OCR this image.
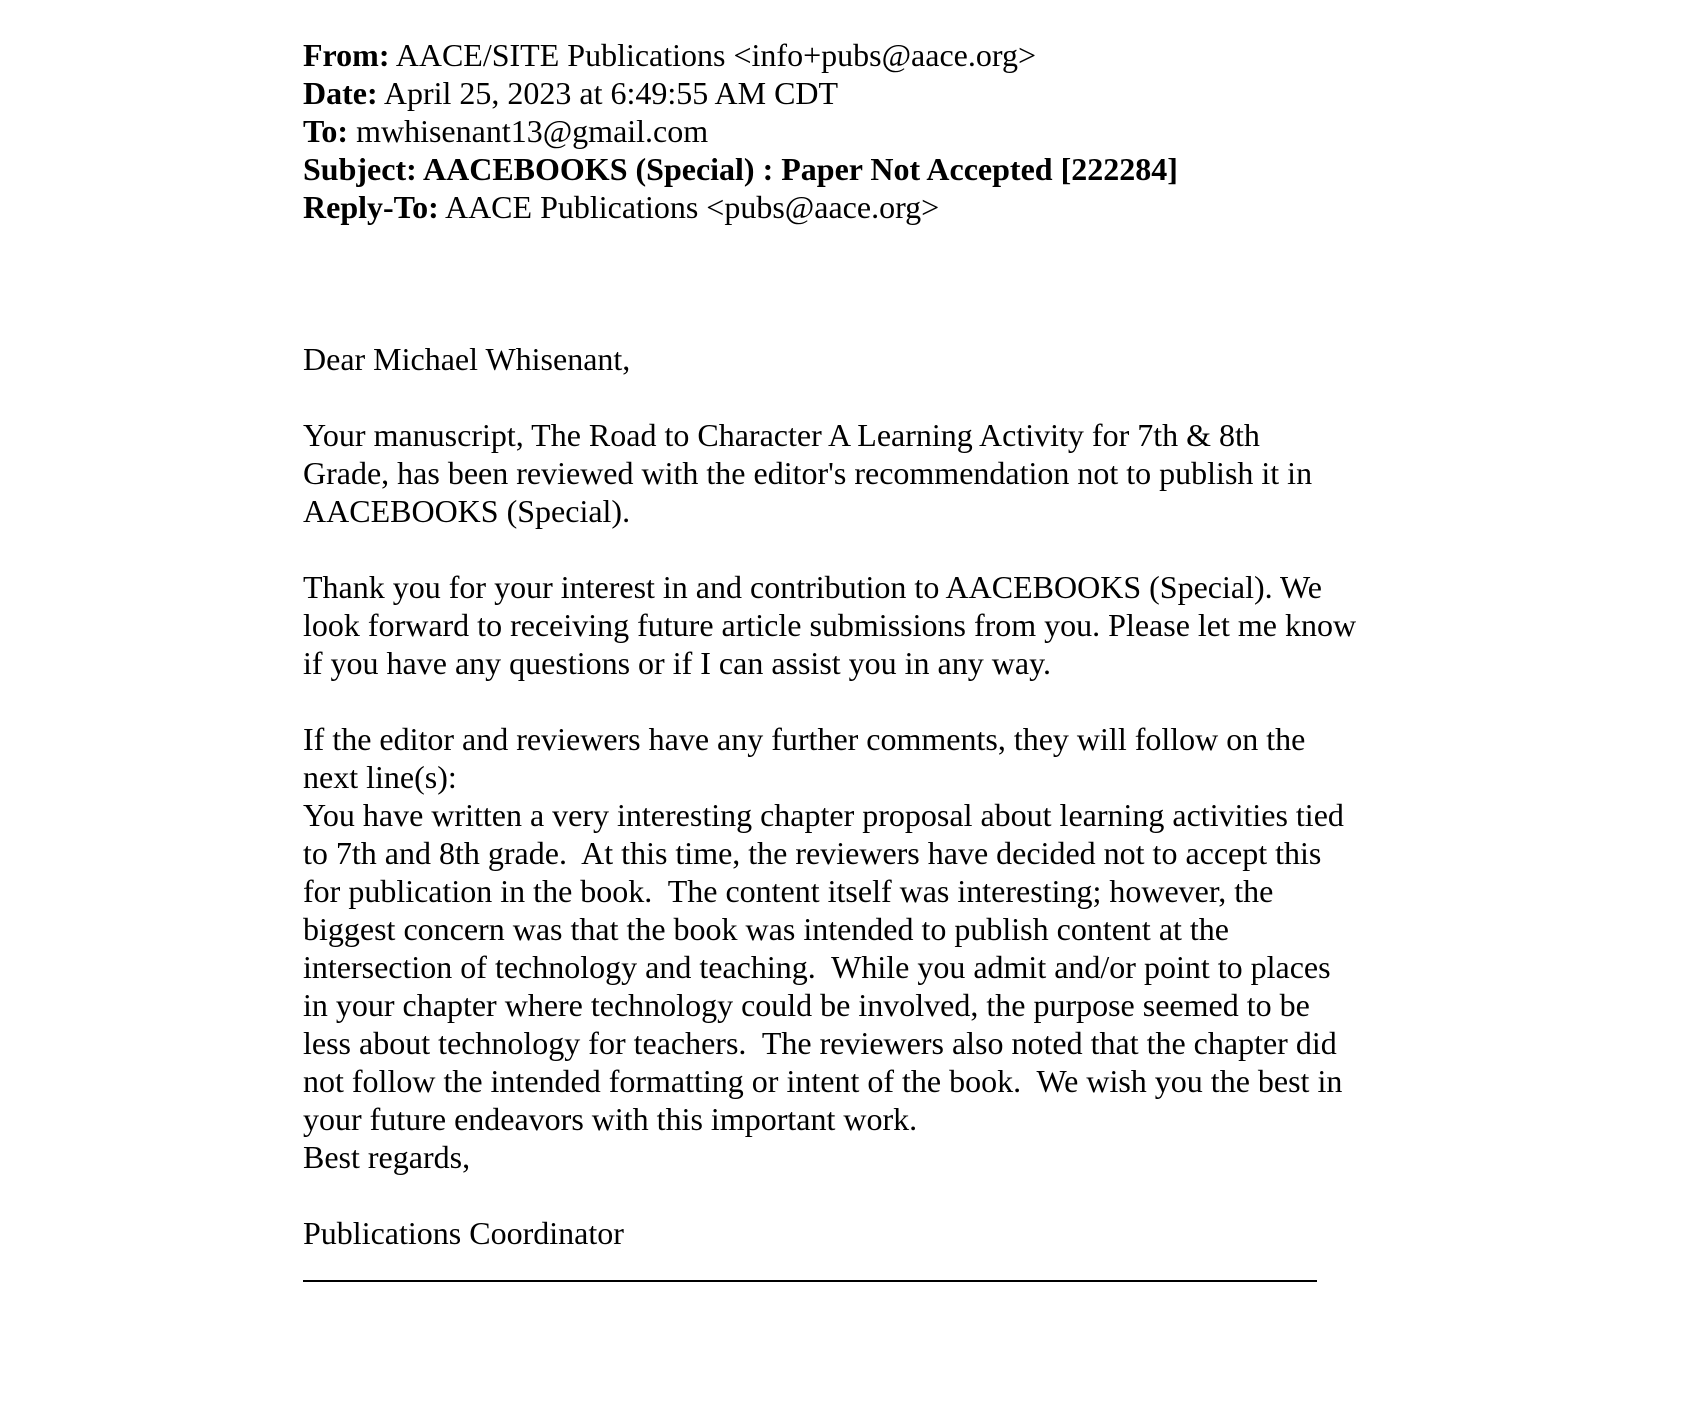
From: AACE/SITE Publications <info+pubs@aace.org>
Date: April 25, 2023 at 6:49:55 AM CDT
To: mwhisenant13@gmail.com
Subject: AACEBOOKS (Special) : Paper Not Accepted [222284]
Reply-To: AACE Publications <pubs@aace.org>
Dear Michael Whisenant,
Your manuscript, The Road to Character A Learning Activity for 7th & 8th
Grade, has been reviewed with the editor's recommendation not to publish it in
AACEBOOKS (Special).
Thank you for your interest in and contribution to AACEBOOKS (Special). We
look forward to receiving future article submissions from you. Please let me know
if you have any questions or if I can assist you in any way.
If the editor and reviewers have any further comments, they will follow on the
next line(s):
You have written a very interesting chapter proposal about learning activities tied
to 7th and 8th grade.  At this time, the reviewers have decided not to accept this
for publication in the book.  The content itself was interesting; however, the
biggest concern was that the book was intended to publish content at the
intersection of technology and teaching.  While you admit and/or point to places
in your chapter where technology could be involved, the purpose seemed to be
less about technology for teachers.  The reviewers also noted that the chapter did
not follow the intended formatting or intent of the book.  We wish you the best in
your future endeavors with this important work.
Best regards,
Publications Coordinator
